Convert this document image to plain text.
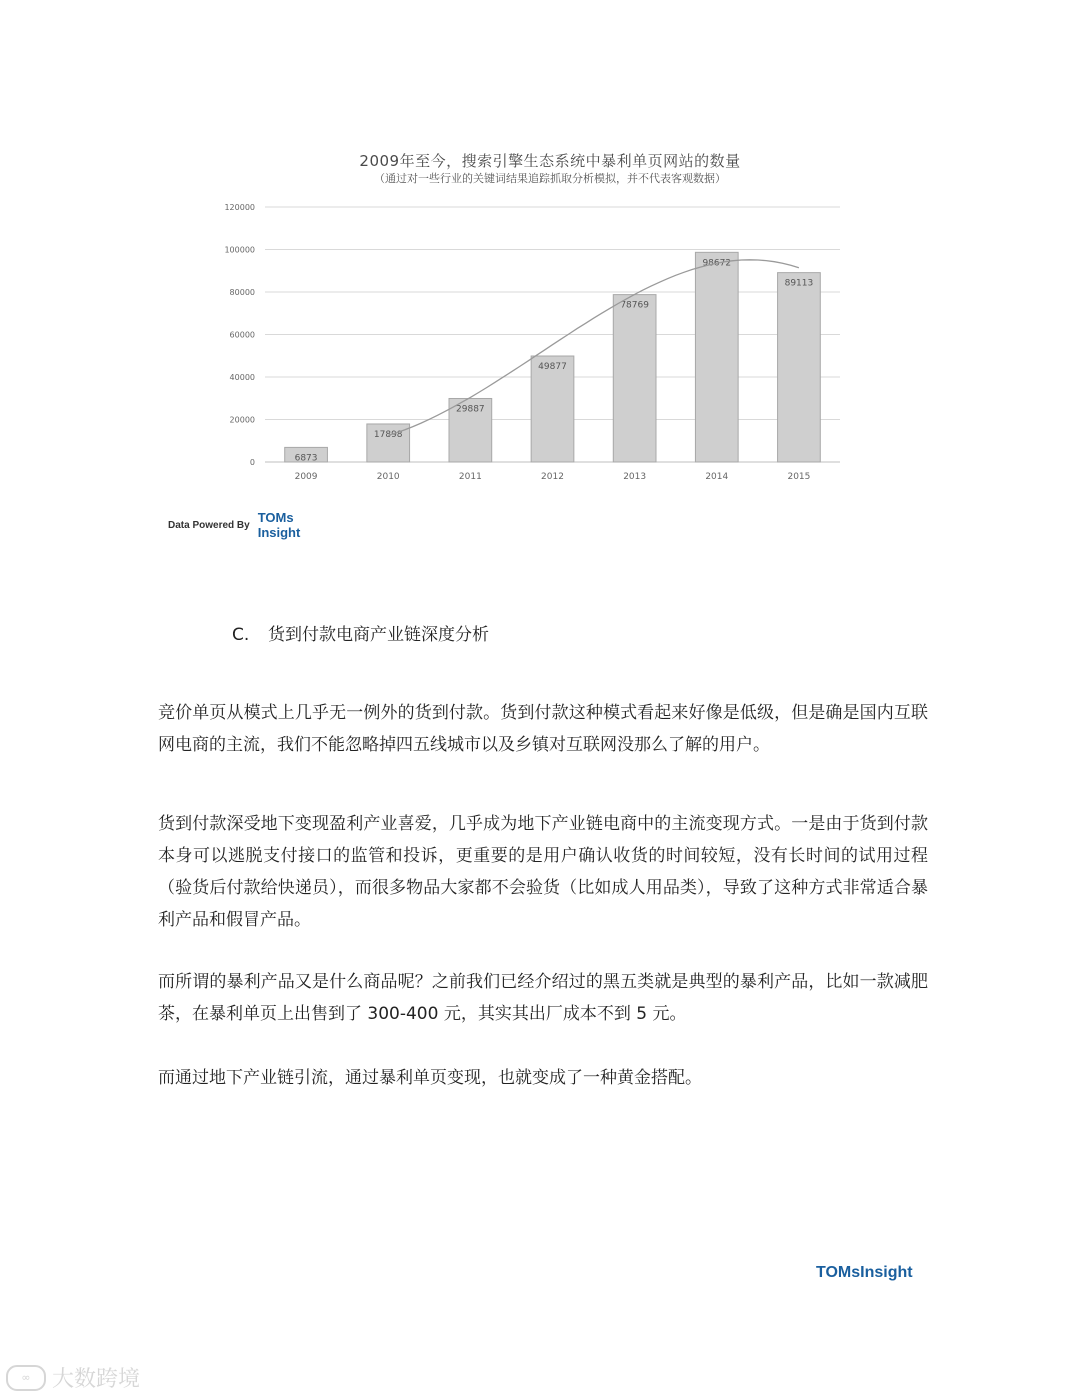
2009年至今，搜索引擎生态系统中暴利单页网站的数量
（通过对一些行业的关键词结果追踪抓取分析模拟，并不代表客观数据）
0
20000
40000
60000
80000
100000
120000
6873
2009
17898
2010
29887
2011
49877
2012
78769
2013
98672
2014
89113
2015
Data Powered By TOMs
Insight
C. 货到付款电商产业链深度分析

竞价单页从模式上几乎无一例外的货到付款。货到付款这种模式看起来好像是低级，但是确是国内互联网电商的主流，我们不能忽略掉四五线城市以及乡镇对互联网没那么了解的用户。

货到付款深受地下变现盈利产业喜爱，几乎成为地下产业链电商中的主流变现方式。一是由于货到付款本身可以逃脱支付接口的监管和投诉，更重要的是用户确认收货的时间较短，没有长时间的试用过程（验货后付款给快递员），而很多物品大家都不会验货（比如成人用品类），导致了这种方式非常适合暴利产品和假冒产品。

而所谓的暴利产品又是什么商品呢？之前我们已经介绍过的黑五类就是典型的暴利产品，比如一款减肥茶，在暴利单页上出售到了 300-400 元，其实其出厂成本不到 5 元。

而通过地下产业链引流，通过暴利单页变现，也就变成了一种黄金搭配。

TOMsInsight
∞ 大数跨境
